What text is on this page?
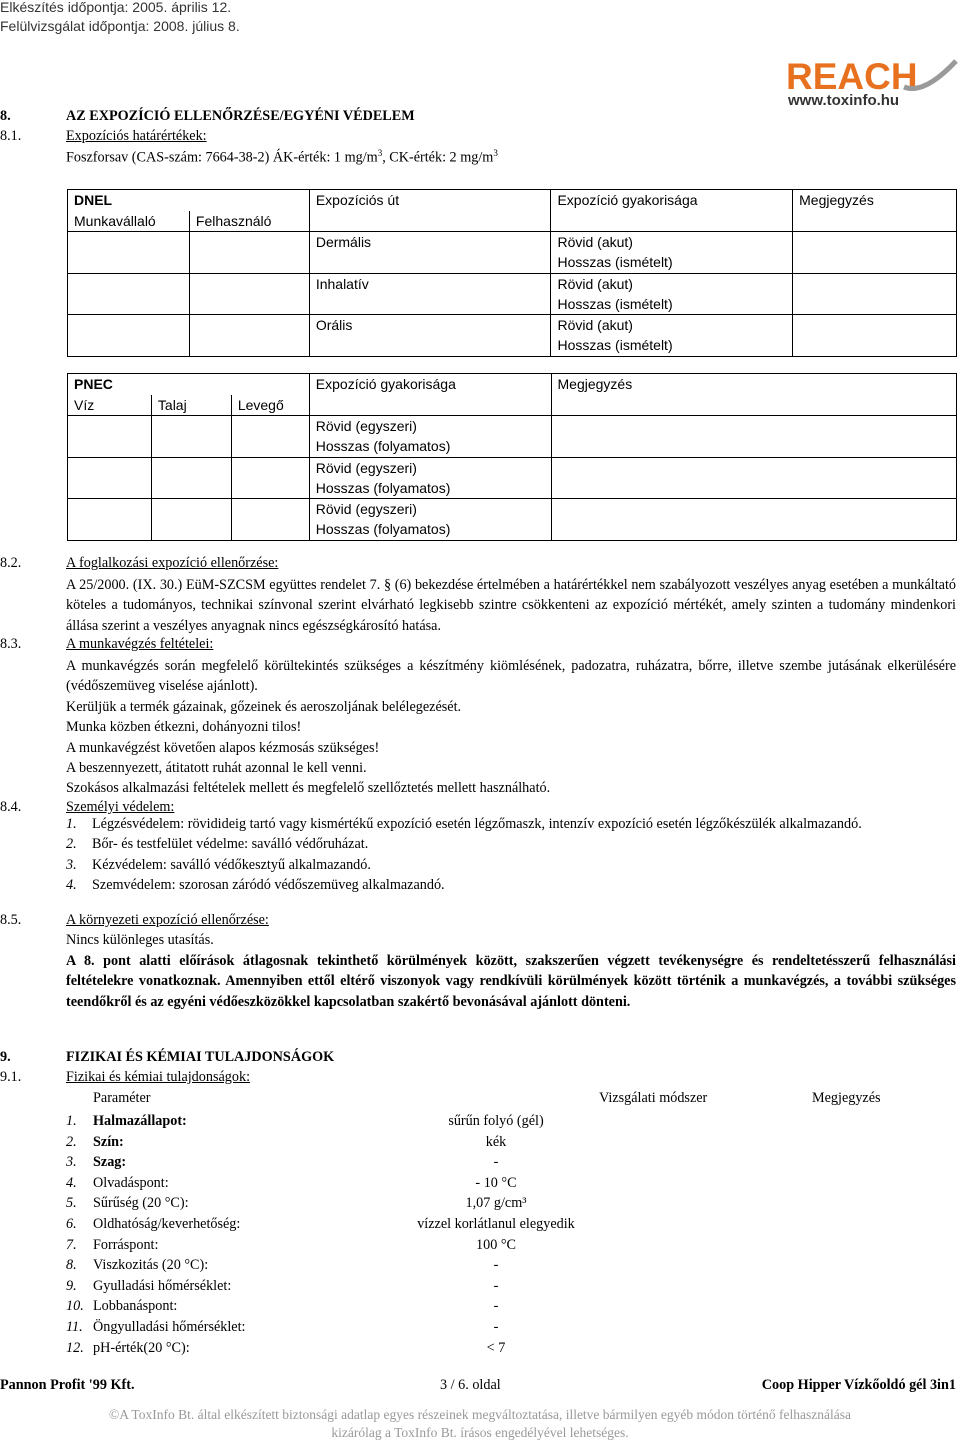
Elkészítés időpontja: 2005. április 12.
Felülvizsgálat időpontja: 2008. július 8.
REACH
www.toxinfo.hu
8.	AZ EXPOZÍCIÓ ELLENŐRZÉSE/EGYÉNI VÉDELEM
8.1.	Expozíciós határértékek:
Foszforsav (CAS-szám: 7664-38-2) ÁK-érték: 1 $mg/m^3$, CK-érték: 2 $mg/m^3$
DNEL		Expozíciós út	Expozíció gyakorisága	Megjegyzés
Munkavállaló	Felhasználó			
		Dermális	Rövid (akut)
Hosszas (ismételt)	

		Inhalatív	Rövid (akut)
Hosszas (ismételt)	

		Orális	Rövid (akut)
Hosszas (ismételt)	

PNEC			Expozíció gyakorisága	Megjegyzés
Víz	Talaj	Levegő		

			Rövid (egyszeri)
Hosszas (folyamatos)	

			Rövid (egyszeri)
Hosszas (folyamatos)	

			Rövid (egyszeri)
Hosszas (folyamatos)	

8.2.	A foglalkozási expozíció ellenőrzése:
A 25/2000. (IX. 30.) EüM-SZCSM együttes rendelet 7. § (6) bekezdése értelmében a határértékkel nem szabályozott veszélyes anyag esetében a munkáltató köteles a tudományos, technikai színvonal szerint elvárható legkisebb szintre csökkenteni az expozíció mértékét, amely szinten a tudomány mindenkori állása szerint a veszélyes anyagnak nincs egészségkárosító hatása.
8.3.	A munkavégzés feltételei:
A munkavégzés során megfelelő körültekintés szükséges a készítmény kiömlésének, padozatra, ruházatra, bőrre, illetve szembe jutásának elkerülésére (védőszemüveg viselése ajánlott).
Kerüljük a termék gázainak, gőzeinek és aeroszoljának belélegezését.
Munka közben étkezni, dohányozni tilos!
A munkavégzést követően alapos kézmosás szükséges!
A beszennyezett, átitatott ruhát azonnal le kell venni.
Szokásos alkalmazási feltételek mellett és megfelelő szellőztetés mellett használható.
8.4.	Személyi védelem:
1.	Légzésvédelem: rövidideig tartó vagy kismértékű expozíció esetén légzőmaszk, intenzív expozíció esetén légzőkészülék alkalmazandó.
2.	Bőr- és testfelület védelme: saválló védőruházat.
3.	Kézvédelem: saválló védőkesztyű alkalmazandó.
4.	Szemvédelem: szorosan záródó védőszemüveg alkalmazandó.
8.5.	A környezeti expozíció ellenőrzése:
Nincs különleges utasítás.
A 8. pont alatti előírások átlagosnak tekinthető körülmények között, szakszerűen végzett tevékenységre és rendeltetésszerű felhasználási feltételekre vonatkoznak. Amennyiben ettől eltérő viszonyok vagy rendkívüli körülmények között történik a munkavégzés, a további szükséges teendőkről és az egyéni védőeszközökkel kapcsolatban szakértő bevonásával ajánlott dönteni.
9.	FIZIKAI ÉS KÉMIAI TULAJDONSÁGOK
9.1.	Fizikai és kémiai tulajdonságok:
Paraméter	Vizsgálati módszer	Megjegyzés
1. Halmazállapot:	sűrűn folyó (gél)
2. Szín:	kék
3. Szag:	-
4. Olvadáspont:	- 10 °C
5. Sűrűség (20 °C):	1,07 g/cm³
6. Oldhatóság/keverhetőség:	vízzel korlátlanul elegyedik
7. Forráspont:	100 °C
8. Viszkozitás (20 °C):	-
9. Gyulladási hőmérséklet:	-
10. Lobbanáspont:	-
11. Öngyulladási hőmérséklet:	-
12. pH-érték(20 °C):	< 7
Pannon Profit '99 Kft.	3 / 6. oldal	Coop Hipper Vízkőoldó gél 3in1
©A ToxInfo Bt. által elkészített biztonsági adatlap egyes részeinek megváltoztatása, illetve bármilyen egyéb módon történő felhasználása
kizárólag a ToxInfo Bt. írásos engedélyével lehetséges.
